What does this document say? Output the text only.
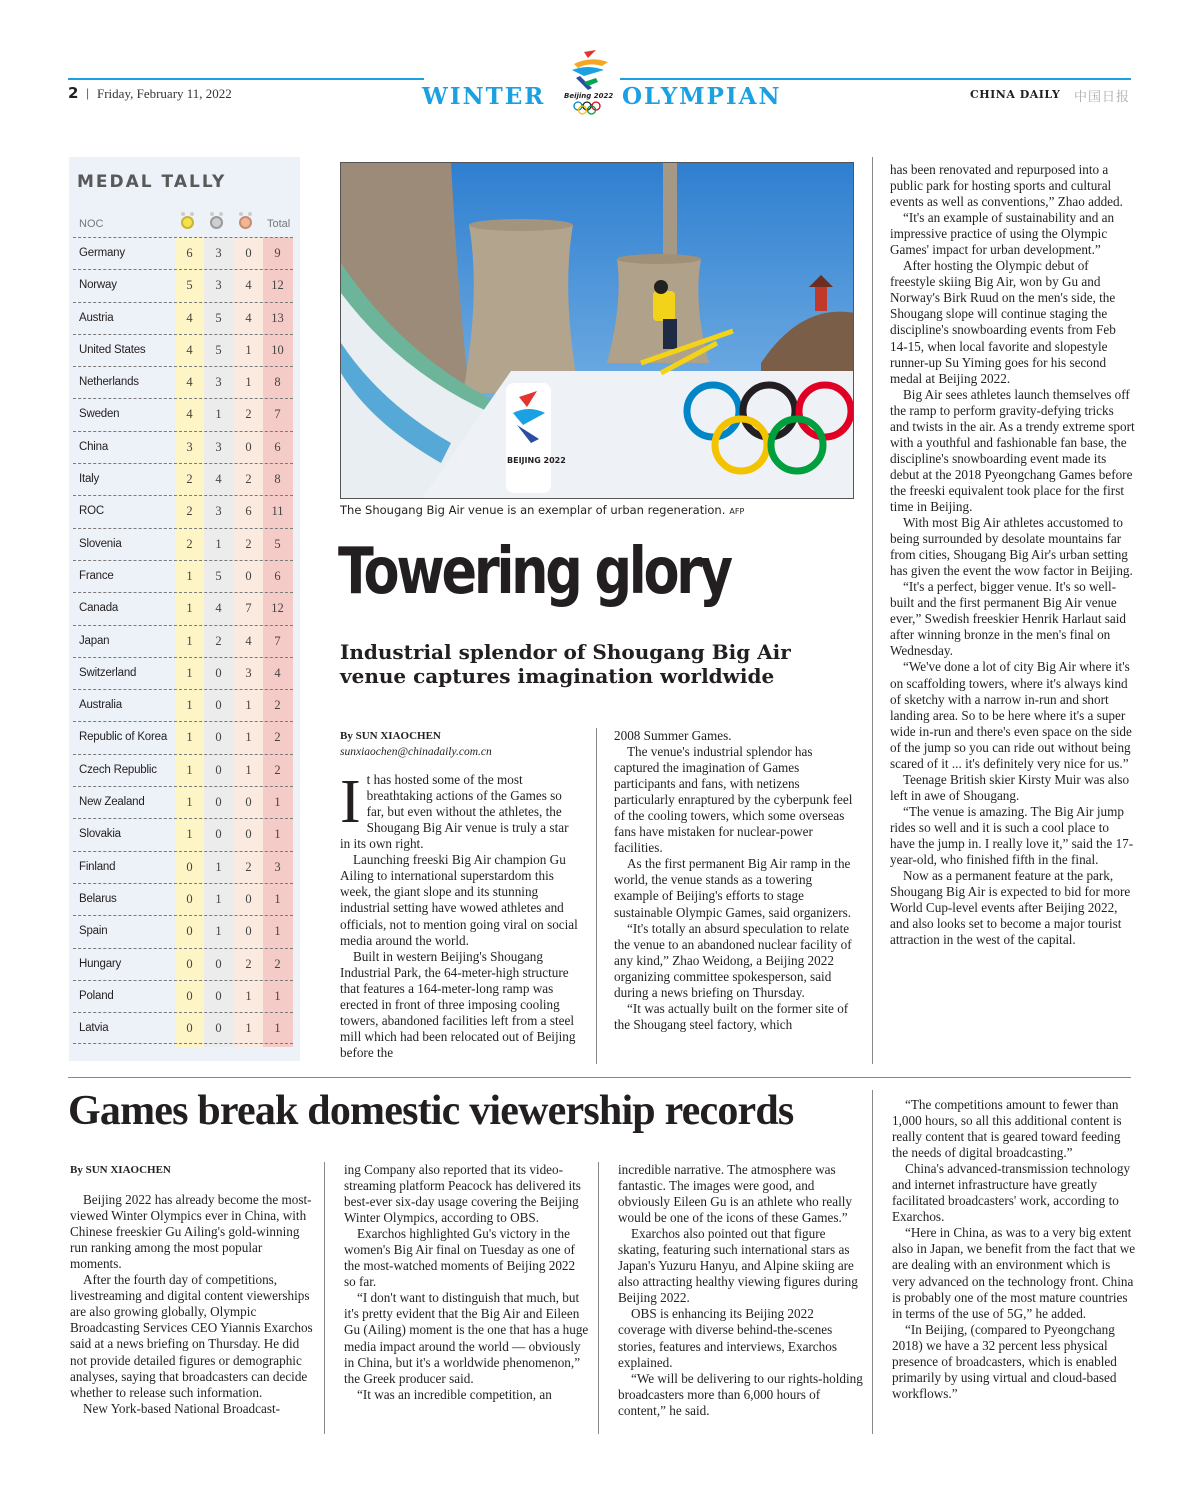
2 | Friday, February 11, 2022	WINTER	Beijing 2022 OLYMPIAN	CHINA DAILY 中国日报
MEDAL TALLY
NOC	Total
Germany	6	3	0	9
Norway	5	3	4	12
Austria	4	5	4	13
United States	4	5	1	10
Netherlands	4	3	1	8
Sweden	4	1	2	7
China	3	3	0	6
Italy	2	4	2	8
ROC	2	3	6	11
Slovenia	2	1	2	5
France	1	5	0	6
Canada	1	4	7	12
Japan	1	2	4	7
Switzerland	1	0	3	4
Australia	1	0	1	2
Republic of Korea	1	0	1	2
Czech Republic	1	0	1	2
New Zealand	1	0	0	1
Slovakia	1	0	0	1
Finland	0	1	2	3
Belarus	0	1	0	1
Spain	0	1	0	1
Hungary	0	0	2	2
Poland	0	0	1	1
Latvia	0	0	1	1
BEIJING 2022
The Shougang Big Air venue is an exemplar of urban regeneration. AFP
Towering glory
Industrial splendor of Shougang Big Air venue captures imagination worldwide
By SUN XIAOCHEN
sunxiaochen@chinadaily.com.cn

It has hosted some of the most breathtaking actions of the Games so far, but even without the athletes, the Shougang Big Air venue is truly a star in its own right.

Launching freeski Big Air champion Gu Ailing to international superstardom this week, the giant slope and its stunning industrial setting have wowed athletes and officials, not to mention going viral on social media around the world.

Built in western Beijing's Shougang Industrial Park, the 64-meter-high structure that features a 164-meter-long ramp was erected in front of three imposing cooling towers, abandoned facilities left from a steel mill which had been relocated out of Beijing before the

2008 Summer Games.

The venue's industrial splendor has captured the imagination of Games participants and fans, with netizens particularly enraptured by the cyberpunk feel of the cooling towers, which some overseas fans have mistaken for nuclear-power facilities.

As the first permanent Big Air ramp in the world, the venue stands as a towering example of Beijing's efforts to stage sustainable Olympic Games, said organizers.

“It's totally an absurd speculation to relate the venue to an abandoned nuclear facility of any kind,” Zhao Weidong, a Beijing 2022 organizing committee spokesperson, said during a news briefing on Thursday.

“It was actually built on the former site of the Shougang steel factory, which

has been renovated and repurposed into a public park for hosting sports and cultural events as well as conventions,” Zhao added.

“It's an example of sustainability and an impressive practice of using the Olympic Games' impact for urban development.”

After hosting the Olympic debut of freestyle skiing Big Air, won by Gu and Norway's Birk Ruud on the men's side, the Shougang slope will continue staging the discipline's snowboarding events from Feb 14-15, when local favorite and slopestyle runner-up Su Yiming goes for his second medal at Beijing 2022.

Big Air sees athletes launch themselves off the ramp to perform gravity-defying tricks and twists in the air. As a trendy extreme sport with a youthful and fashionable fan base, the discipline's snowboarding event made its debut at the 2018 Pyeongchang Games before the freeski equivalent took place for the first time in Beijing.

With most Big Air athletes accustomed to being surrounded by desolate mountains far from cities, Shougang Big Air's urban setting has given the event the wow factor in Beijing.

“It's a perfect, bigger venue. It's so well-built and the first permanent Big Air venue ever,” Swedish freeskier Henrik Harlaut said after winning bronze in the men's final on Wednesday.

“We've done a lot of city Big Air where it's on scaffolding towers, where it's always kind of sketchy with a narrow in-run and short landing area. So to be here where it's a super wide in-run and there's even space on the side of the jump so you can ride out without being scared of it ... it's definitely very nice for us.”

Teenage British skier Kirsty Muir was also left in awe of Shougang.

“The venue is amazing. The Big Air jump rides so well and it is such a cool place to have the jump in. I really love it,” said the 17-year-old, who finished fifth in the final.

Now as a permanent feature at the park, Shougang Big Air is expected to bid for more World Cup-level events after Beijing 2022, and also looks set to become a major tourist attraction in the west of the capital.

Games break domestic viewership records
By SUN XIAOCHEN

Beijing 2022 has already become the most-viewed Winter Olympics ever in China, with Chinese freeskier Gu Ailing's gold-winning run ranking among the most popular moments.

After the fourth day of competitions, livestreaming and digital content viewerships are also growing globally, Olympic Broadcasting Services CEO Yiannis Exarchos said at a news briefing on Thursday. He did not provide detailed figures or demographic analyses, saying that broadcasters can decide whether to release such information.

New York-based National Broadcast-

ing Company also reported that its video-streaming platform Peacock has delivered its best-ever six-day usage covering the Beijing Winter Olympics, according to OBS.

Exarchos highlighted Gu's victory in the women's Big Air final on Tuesday as one of the most-watched moments of Beijing 2022 so far.

“I don't want to distinguish that much, but it's pretty evident that the Big Air and Eileen Gu (Ailing) moment is the one that has a huge media impact around the world — obviously in China, but it's a worldwide phenomenon,” the Greek producer said.

“It was an incredible competition, an

incredible narrative. The atmosphere was fantastic. The images were good, and obviously Eileen Gu is an athlete who really would be one of the icons of these Games.”

Exarchos also pointed out that figure skating, featuring such international stars as Japan's Yuzuru Hanyu, and Alpine skiing are also attracting healthy viewing figures during Beijing 2022.

OBS is enhancing its Beijing 2022 coverage with diverse behind-the-scenes stories, features and interviews, Exarchos explained.

“We will be delivering to our rights-holding broadcasters more than 6,000 hours of content,” he said.

“The competitions amount to fewer than 1,000 hours, so all this additional content is really content that is geared toward feeding the needs of digital broadcasting.”

China's advanced-transmission technology and internet infrastructure have greatly facilitated broadcasters' work, according to Exarchos.

“Here in China, as was to a very big extent also in Japan, we benefit from the fact that we are dealing with an environment which is very advanced on the technology front. China is probably one of the most mature countries in terms of the use of 5G,” he added.

“In Beijing, (compared to Pyeongchang 2018) we have a 32 percent less physical presence of broadcasters, which is enabled primarily by using virtual and cloud-based workflows.”
